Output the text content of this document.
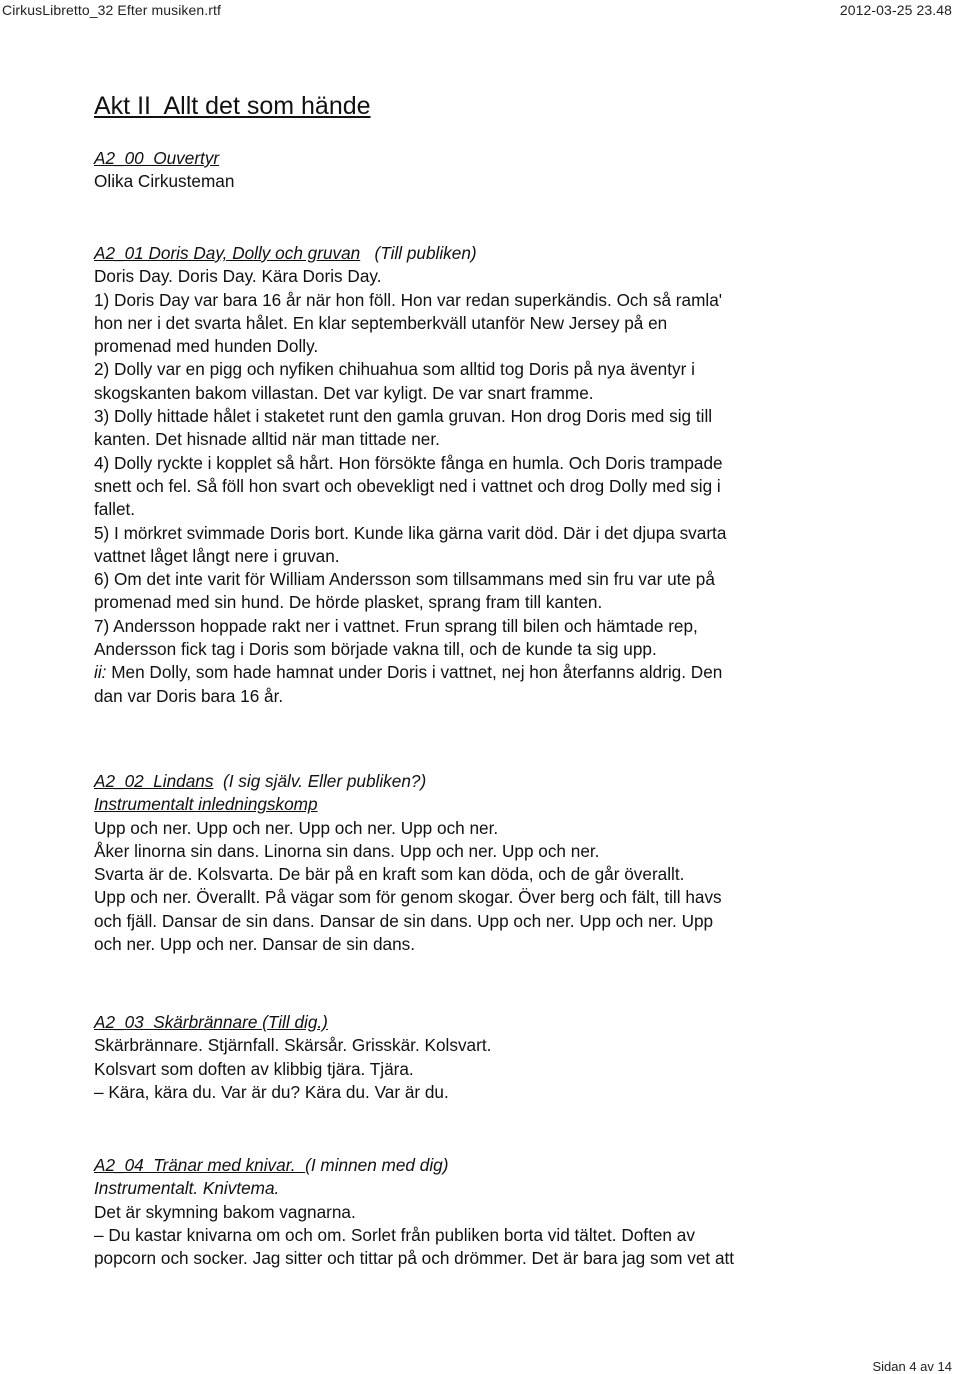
CirkusLibretto_32 Efter musiken.rtf	2012-03-25 23.48
Akt II  Allt det som hände
A2_00  Ouvertyr
Olika Cirkusteman
A2_01 Doris Day, Dolly och gruvan   (Till publiken)
Doris Day. Doris Day. Kära Doris Day.
1) Doris Day var bara 16 år när hon föll. Hon var redan superkändis. Och så ramla'
hon ner i det svarta hålet. En klar septemberkväll utanför New Jersey på en
promenad med hunden Dolly.
2) Dolly var en pigg och nyfiken chihuahua som alltid tog Doris på nya äventyr i
skogskanten bakom villastan. Det var kyligt. De var snart framme.
3) Dolly hittade hålet i staketet runt den gamla gruvan. Hon drog Doris med sig till
kanten. Det hisnade alltid när man tittade ner.
4) Dolly ryckte i kopplet så hårt. Hon försökte fånga en humla. Och Doris trampade
snett och fel. Så föll hon svart och obevekligt ned i vattnet och drog Dolly med sig i
fallet.
5) I mörkret svimmade Doris bort. Kunde lika gärna varit död. Där i det djupa svarta
vattnet låget långt nere i gruvan.
6) Om det inte varit för William Andersson som tillsammans med sin fru var ute på
promenad med sin hund. De hörde plasket, sprang fram till kanten.
7) Andersson hoppade rakt ner i vattnet. Frun sprang till bilen och hämtade rep,
Andersson fick tag i Doris som började vakna till, och de kunde ta sig upp.
ii: Men Dolly, som hade hamnat under Doris i vattnet, nej hon återfanns aldrig. Den
dan var Doris bara 16 år.
A2_02  Lindans  (I sig själv. Eller publiken?)
Instrumentalt inledningskomp
Upp och ner. Upp och ner. Upp och ner. Upp och ner.
Åker linorna sin dans. Linorna sin dans. Upp och ner. Upp och ner.
Svarta är de. Kolsvarta. De bär på en kraft som kan döda, och de går överallt.
Upp och ner. Överallt. På vägar som för genom skogar. Över berg och fält, till havs
och fjäll. Dansar de sin dans. Dansar de sin dans. Upp och ner. Upp och ner. Upp
och ner. Upp och ner. Dansar de sin dans.
A2_03  Skärbrännare (Till dig.)
Skärbrännare. Stjärnfall. Skärsår. Grisskär. Kolsvart.
Kolsvart som doften av klibbig tjära. Tjära.
– Kära, kära du. Var är du? Kära du. Var är du.
A2_04  Tränar med knivar.  (I minnen med dig)
Instrumentalt. Knivtema.
Det är skymning bakom vagnarna.
– Du kastar knivarna om och om. Sorlet från publiken borta vid tältet. Doften av
popcorn och socker. Jag sitter och tittar på och drömmer. Det är bara jag som vet att
Sidan 4 av 14
